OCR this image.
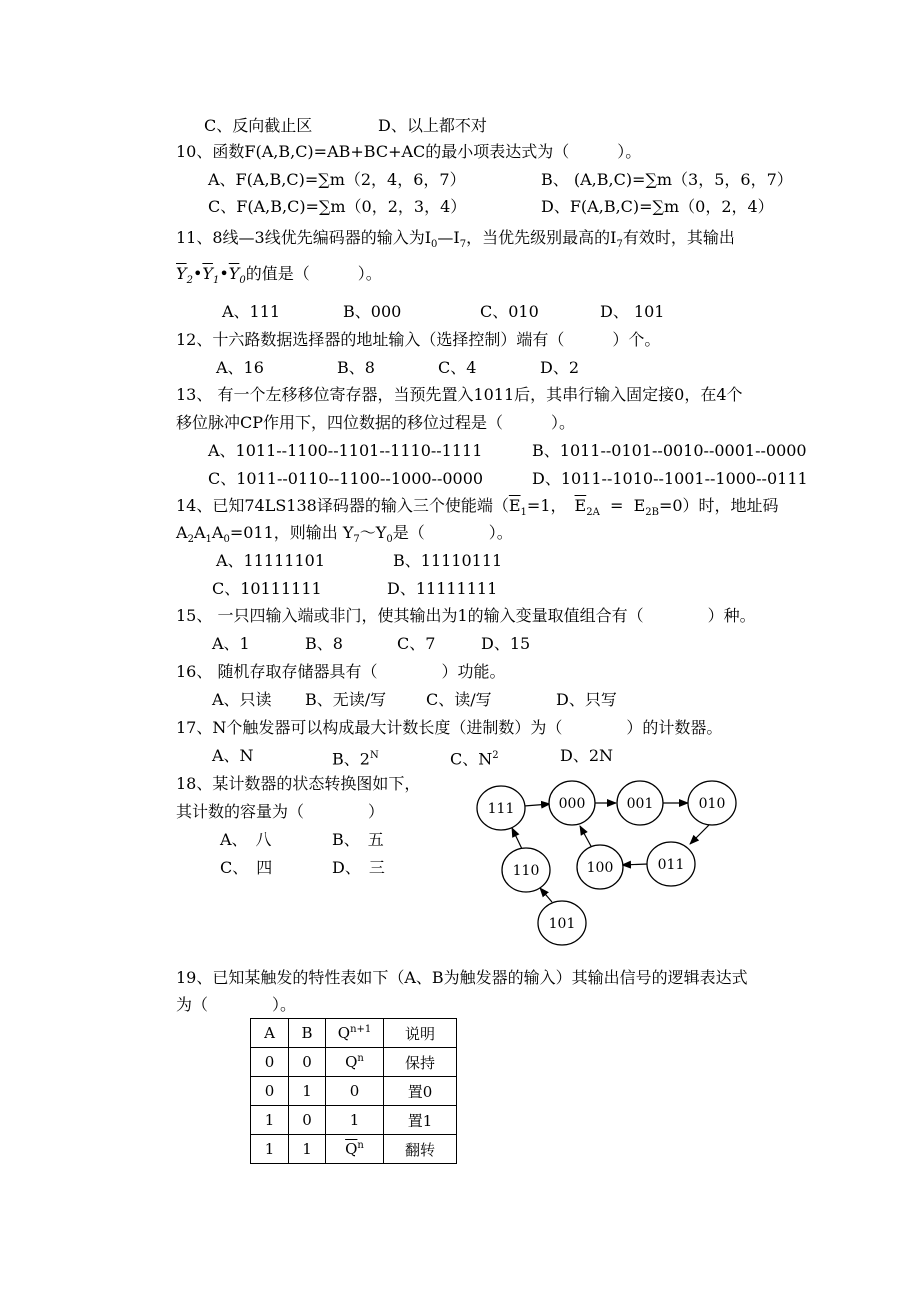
C、反向截止区	D、以上都不对
10、函数F(A,B,C)=AB+BC+AC的最小项表达式为（　　　）。
A、F(A,B,C)=∑m（2，4，6，7）	B、 (A,B,C)=∑m（3，5，6，7）
C、F(A,B,C)=∑m（0，2，3，4）	D、F(A,B,C)=∑m（0，2，4）
11、8线—3线优先编码器的输入为$I_0—I_7$，当优先级别最高的$I_7$有效时，其输出
$\overline{Y}_2•\overline{Y}_1•\overline{Y}_0$的值是（　　　）。
A、111	B、000	C、010	D、 101
12、十六路数据选择器的地址输入（选择控制）端有（　　　）个。
A、16	B、8	C、4	D、2
13、 有一个左移移位寄存器，当预先置入1011后，其串行输入固定接0，在4个
移位脉冲CP作用下，四位数据的移位过程是（　　　）。
A、1011--1100--1101--1110--1111	B、1011--0101--0010--0001--0000
C、1011--0110--1100--1000--0000	D、1011--1010--1001--1000--0111
14、已知74LS138译码器的输入三个使能端（$\overline{E}_1=1$，　 $\overline{E}_{2A} = E_{2B}=0$）时，地址码
$A_2A_1A_0=011$，则输出 $Y_7\sim Y_0$是（　　　　）。
A、11111101	B、11110111
C、10111111	D、11111111
15、 一只四输入端或非门，使其输出为1的输入变量取值组合有（　　　　）种。
A、1	B、8	C、7	D、15
16、 随机存取存储器具有（　　　　）功能。
A、只读 B、无读/写 C、读/写	D、只写
17、N个触发器可以构成最大计数长度（进制数）为（　　　　）的计数器。
A、N	B、$2^N$	C、$N^2$	D、2N
18、某计数器的状态转换图如下，
其计数的容量为（　　　　）
A、　八	B、　五
C、　四	D、　三
111	000	001	010
011
100
110
101
19、已知某触发的特性表如下（A、B为触发器的输入）其输出信号的逻辑表达式
为（　　　　）。
A	B	$Q^{n+1}$	说明
0	0	$Q^n$	保持
0	1	0	置0
1	0	1	置1
1	1	$\overline{Q}^n$	翻转
